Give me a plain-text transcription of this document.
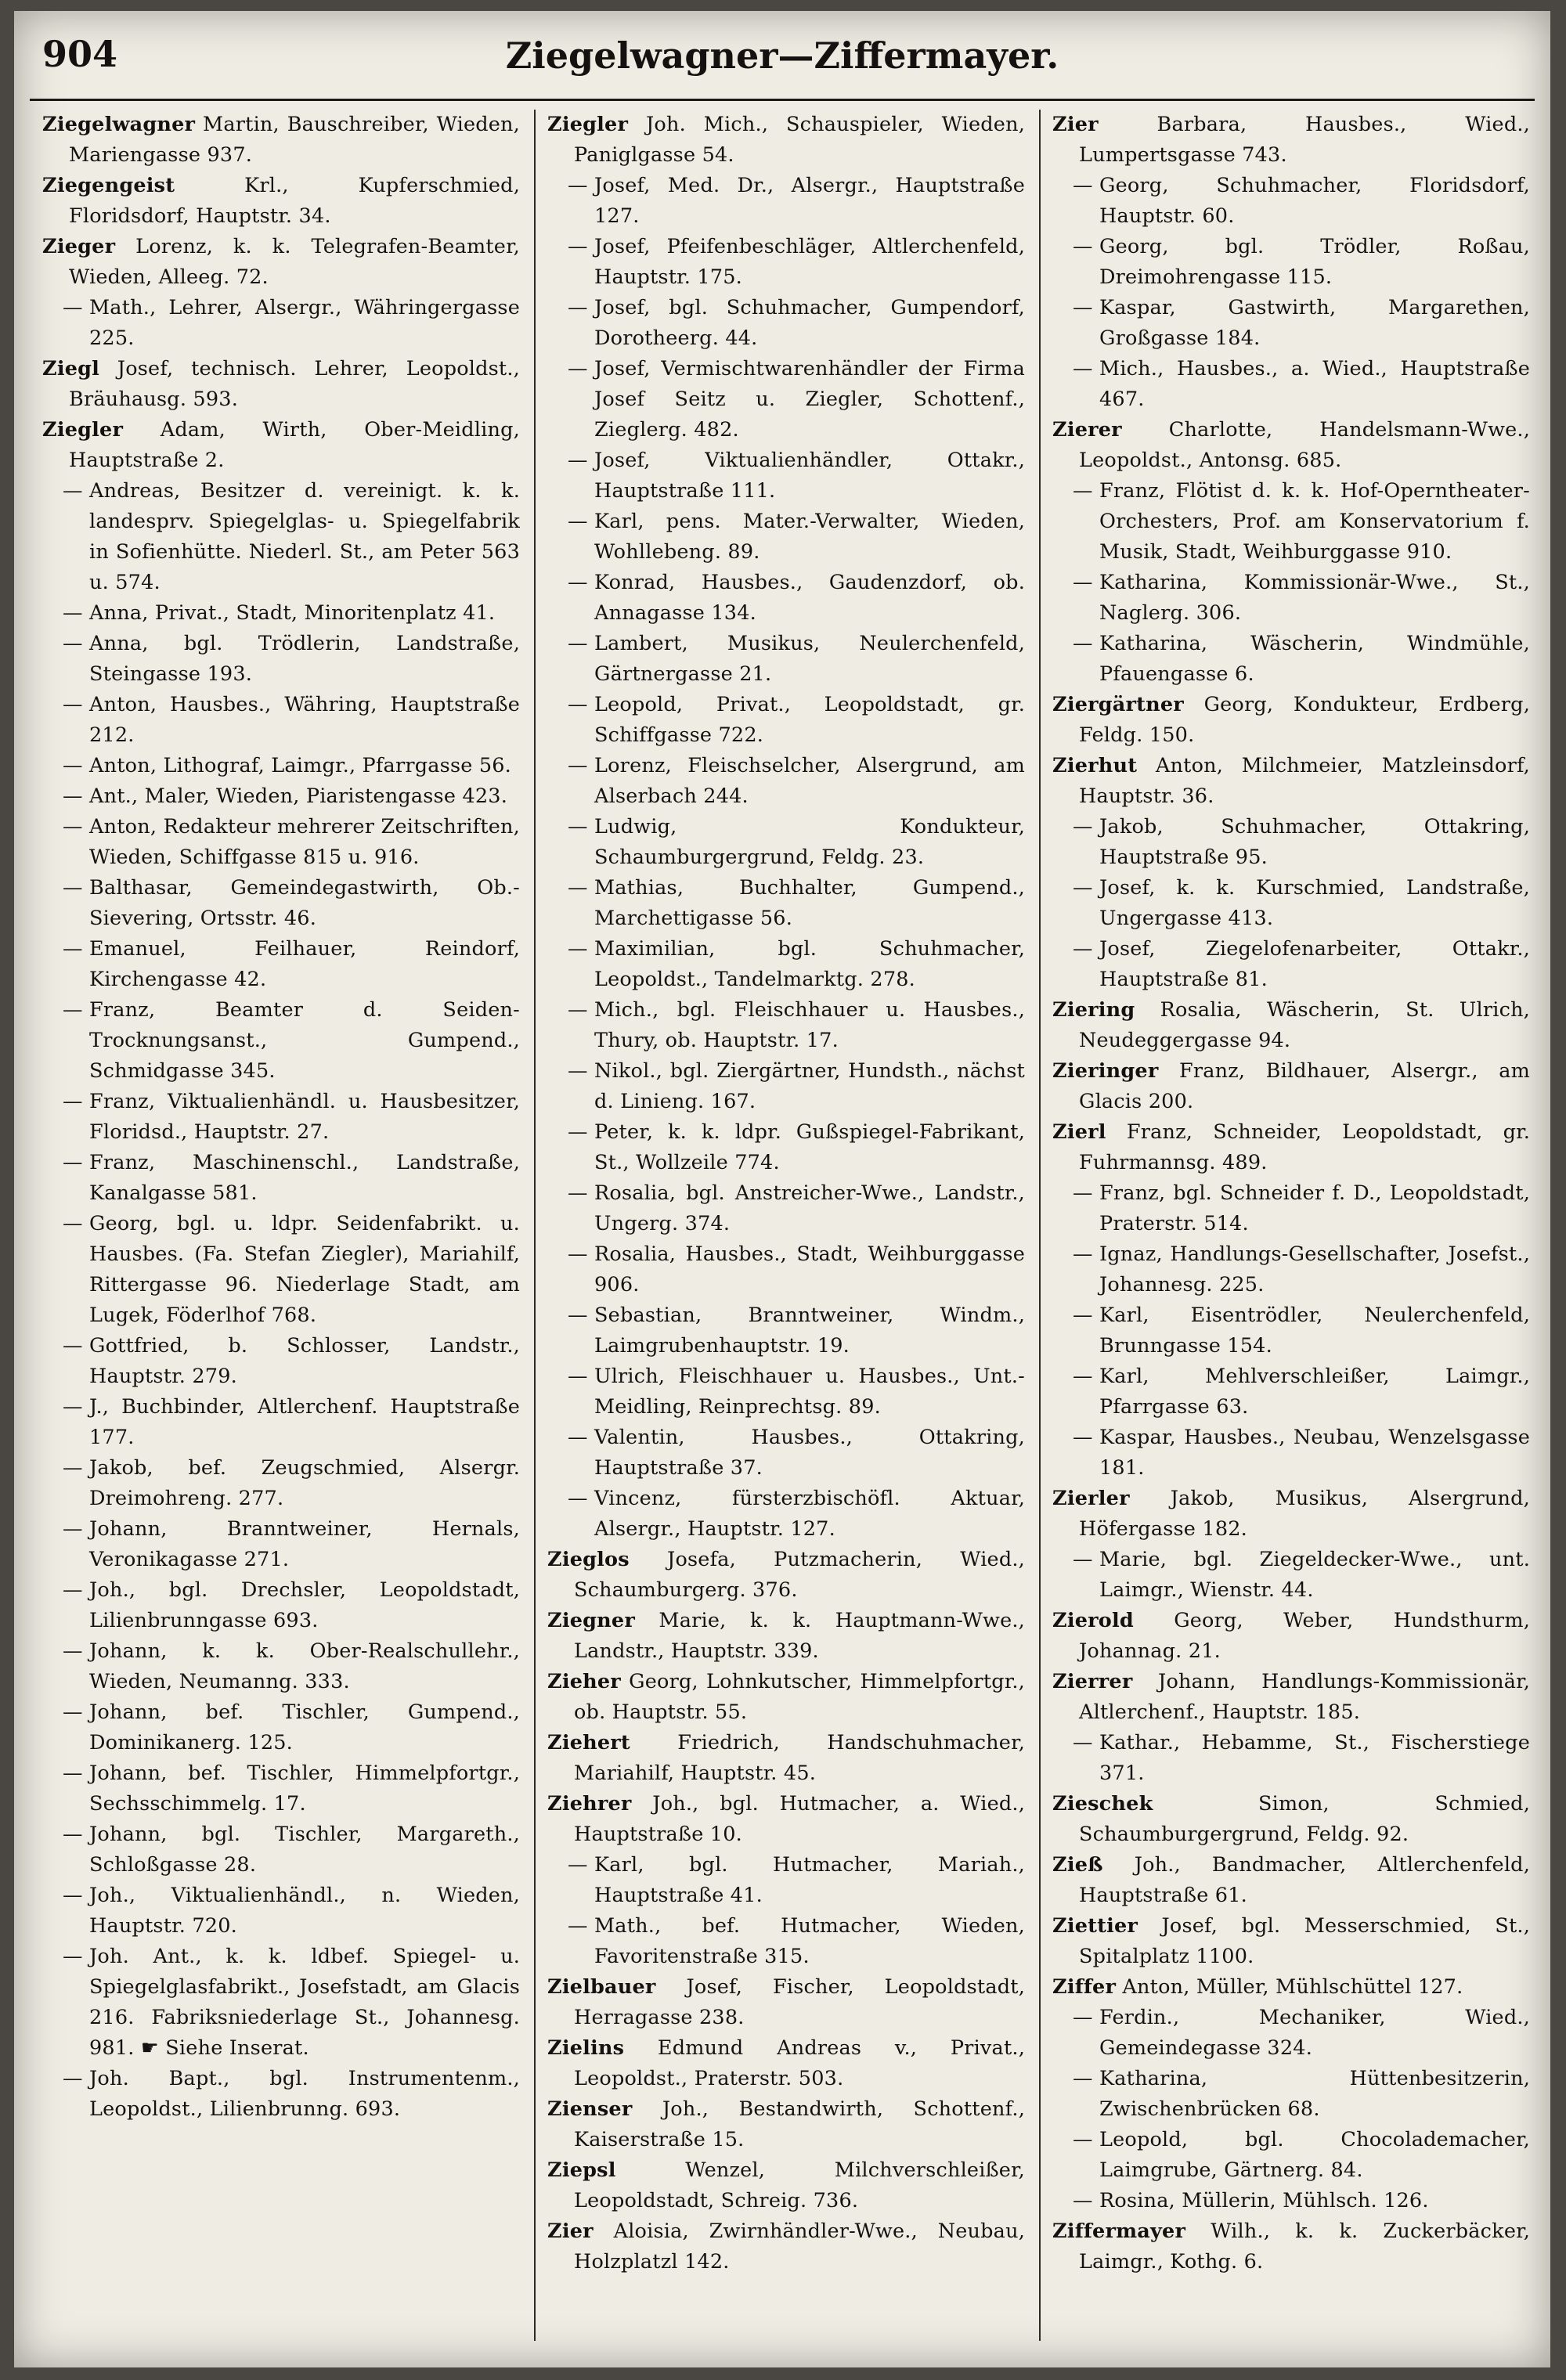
904	Ziegelwagner—Ziffermayer.

Ziegelwagner Martin, Bauschreiber, Wieden, Mariengasse 937.

Ziegengeist	Krl.,	Kupferschmied, Floridsdorf, Hauptstr. 34.

Zieger Lorenz, k. k. Telegrafen-Beamter, Wieden, Alleeg. 72.

— Math., Lehrer, Alsergr., Währingergasse 225.

Ziegl Josef, technisch. Lehrer, Leopoldst., Bräuhausg. 593.

Ziegler Adam, Wirth, Ober-Meidling, Hauptstraße 2.

— Andreas, Besitzer d. vereinigt. k. k. landesprv. Spiegelglas- u. Spiegelfabrik in Sofienhütte. Niederl. St., am Peter 563 u. 574.

— Anna, Privat., Stadt, Minoritenplatz 41.

— Anna, bgl. Trödlerin, Landstraße, Steingasse 193.

— Anton, Hausbes., Währing, Hauptstraße 212.

— Anton, Lithograf, Laimgr., Pfarrgasse 56.

— Ant., Maler, Wieden, Piaristengasse 423.

— Anton, Redakteur mehrerer Zeitschriften, Wieden, Schiffgasse 815 u. 916.

— Balthasar, Gemeindegastwirth, Ob.-Sievering, Ortsstr. 46.

— Emanuel,	Feilhauer, Reindorf, Kirchengasse 42.

— Franz,	Beamter d. Seiden-Trocknungsanst., Gumpend., Schmidgasse 345.

— Franz, Viktualienhändl. u. Hausbesitzer, Floridsd., Hauptstr. 27.

— Franz, Maschinenschl., Landstraße, Kanalgasse 581.

— Georg, bgl. u. ldpr. Seidenfabrikt. u. Hausbes. (Fa. Stefan Ziegler), Mariahilf, Rittergasse 96. Niederlage Stadt, am Lugek, Föderlhof 768.

— Gottfried, b. Schlosser, Landstr., Hauptstr. 279.

— J., Buchbinder, Altlerchenf. Hauptstraße 177.

— Jakob, bef. Zeugschmied, Alsergr. Dreimohreng. 277.

— Johann,	Branntweiner, Hernals, Veronikagasse 271.

— Joh., bgl. Drechsler, Leopoldstadt, Lilienbrunngasse 693.

— Johann, k. k. Ober-Realschullehr., Wieden, Neumanng. 333.

— Johann, bef. Tischler, Gumpend., Dominikanerg. 125.

— Johann, bef. Tischler, Himmelpfortgr., Sechsschimmelg. 17.

— Johann, bgl. Tischler, Margareth., Schloßgasse 28.

— Joh., Viktualienhändl., n. Wieden, Hauptstr. 720.

— Joh. Ant., k. k. ldbef. Spiegel- u. Spiegelglasfabrikt., Josefstadt, am Glacis 216. Fabriksniederlage St., Johannesg. 981. ☛ Siehe Inserat.

— Joh. Bapt., bgl. Instrumentenm., Leopoldst., Lilienbrunng. 693.

Ziegler Joh. Mich., Schauspieler, Wieden, Paniglgasse 54.

— Josef, Med. Dr., Alsergr., Hauptstraße 127.

— Josef, Pfeifenbeschläger, Altlerchenfeld, Hauptstr. 175.

— Josef, bgl. Schuhmacher, Gumpendorf, Dorotheerg. 44.

— Josef, Vermischtwarenhändler der Firma Josef Seitz u. Ziegler, Schottenf., Zieglerg. 482.

— Josef,	Viktualienhändler, Ottakr., Hauptstraße 111.

— Karl, pens. Mater.-Verwalter, Wieden, Wohllebeng. 89.

— Konrad, Hausbes., Gaudenzdorf, ob. Annagasse 134.

— Lambert, Musikus, Neulerchenfeld, Gärtnergasse 21.

— Leopold, Privat., Leopoldstadt, gr. Schiffgasse 722.

— Lorenz, Fleischselcher, Alsergrund, am Alserbach 244.

— Ludwig,	Kondukteur, Schaumburgergrund, Feldg. 23.

— Mathias,	Buchhalter, Gumpend., Marchettigasse 56.

— Maximilian,	bgl. Schuhmacher, Leopoldst., Tandelmarktg. 278.

— Mich., bgl. Fleischhauer u. Hausbes., Thury, ob. Hauptstr. 17.

— Nikol., bgl. Ziergärtner, Hundsth., nächst d. Linieng. 167.

— Peter, k. k. ldpr. Gußspiegel-Fabrikant, St., Wollzeile 774.

— Rosalia, bgl. Anstreicher-Wwe., Landstr., Ungerg. 374.

— Rosalia, Hausbes., Stadt, Weihburggasse 906.

— Sebastian, Branntweiner, Windm., Laimgrubenhauptstr. 19.

— Ulrich, Fleischhauer u. Hausbes., Unt.-Meidling, Reinprechtsg. 89.

— Valentin,	Hausbes., Ottakring, Hauptstraße 37.

— Vincenz,	fürsterzbischöfl. Aktuar, Alsergr., Hauptstr. 127.

Zieglos Josefa, Putzmacherin, Wied., Schaumburgerg. 376.

Ziegner Marie, k. k. Hauptmann-Wwe., Landstr., Hauptstr. 339.

Zieher Georg, Lohnkutscher, Himmelpfortgr., ob. Hauptstr. 55.

Ziehert Friedrich, Handschuhmacher, Mariahilf, Hauptstr. 45.

Ziehrer Joh., bgl. Hutmacher, a. Wied., Hauptstraße 10.

— Karl, bgl. Hutmacher, Mariah., Hauptstraße 41.

— Math., bef. Hutmacher, Wieden, Favoritenstraße 315.

Zielbauer Josef, Fischer, Leopoldstadt, Herragasse 238.

Zielins Edmund Andreas v., Privat., Leopoldst., Praterstr. 503.

Zienser Joh., Bestandwirth, Schottenf., Kaiserstraße 15.

Ziepsl	Wenzel,	Milchverschleißer, Leopoldstadt, Schreig. 736.

Zier Aloisia, Zwirnhändler-Wwe., Neubau, Holzplatzl 142.

Zier	Barbara,	Hausbes., Wied., Lumpertsgasse 743.

— Georg, Schuhmacher, Floridsdorf, Hauptstr. 60.

— Georg,	bgl. Trödler, Roßau, Dreimohrengasse 115.

— Kaspar,	Gastwirth, Margarethen, Großgasse 184.

— Mich., Hausbes., a. Wied., Hauptstraße 467.

Zierer Charlotte, Handelsmann-Wwe., Leopoldst., Antonsg. 685.

— Franz, Flötist d. k. k. Hof-Operntheater-Orchesters, Prof. am Konservatorium f. Musik, Stadt, Weihburggasse 910.

— Katharina, Kommissionär-Wwe., St., Naglerg. 306.

— Katharina, Wäscherin, Windmühle, Pfauengasse 6.

Ziergärtner Georg, Kondukteur, Erdberg, Feldg. 150.

Zierhut Anton, Milchmeier, Matzleinsdorf, Hauptstr. 36.

— Jakob,	Schuhmacher, Ottakring, Hauptstraße 95.

— Josef, k. k. Kurschmied, Landstraße, Ungergasse 413.

— Josef,	Ziegelofenarbeiter, Ottakr., Hauptstraße 81.

Ziering Rosalia, Wäscherin, St. Ulrich, Neudeggergasse 94.

Zieringer Franz, Bildhauer, Alsergr., am Glacis 200.

Zierl Franz, Schneider, Leopoldstadt, gr. Fuhrmannsg. 489.

— Franz, bgl. Schneider f. D., Leopoldstadt, Praterstr. 514.

— Ignaz, Handlungs-Gesellschafter, Josefst., Johannesg. 225.

— Karl, Eisentrödler, Neulerchenfeld, Brunngasse 154.

— Karl,	Mehlverschleißer, Laimgr., Pfarrgasse 63.

— Kaspar, Hausbes., Neubau, Wenzelsgasse 181.

Zierler Jakob, Musikus, Alsergrund, Höfergasse 182.

— Marie, bgl. Ziegeldecker-Wwe., unt. Laimgr., Wienstr. 44.

Zierold Georg, Weber, Hundsthurm, Johannag. 21.

Zierrer Johann, Handlungs-Kommissionär, Altlerchenf., Hauptstr. 185.

— Kathar., Hebamme, St., Fischerstiege 371.

Zieschek	Simon,	Schmied, Schaumburgergrund, Feldg. 92.

Zieß Joh., Bandmacher, Altlerchenfeld, Hauptstraße 61.

Ziettier Josef, bgl. Messerschmied, St., Spitalplatz 1100.

Ziffer Anton, Müller, Mühlschüttel 127.

— Ferdin.,	Mechaniker, Wied., Gemeindegasse 324.

— Katharina,	Hüttenbesitzerin, Zwischenbrücken 68.

— Leopold,	bgl. Chocolademacher, Laimgrube, Gärtnerg. 84.

— Rosina, Müllerin, Mühlsch. 126.

Ziffermayer Wilh., k. k. Zuckerbäcker, Laimgr., Kothg. 6.
